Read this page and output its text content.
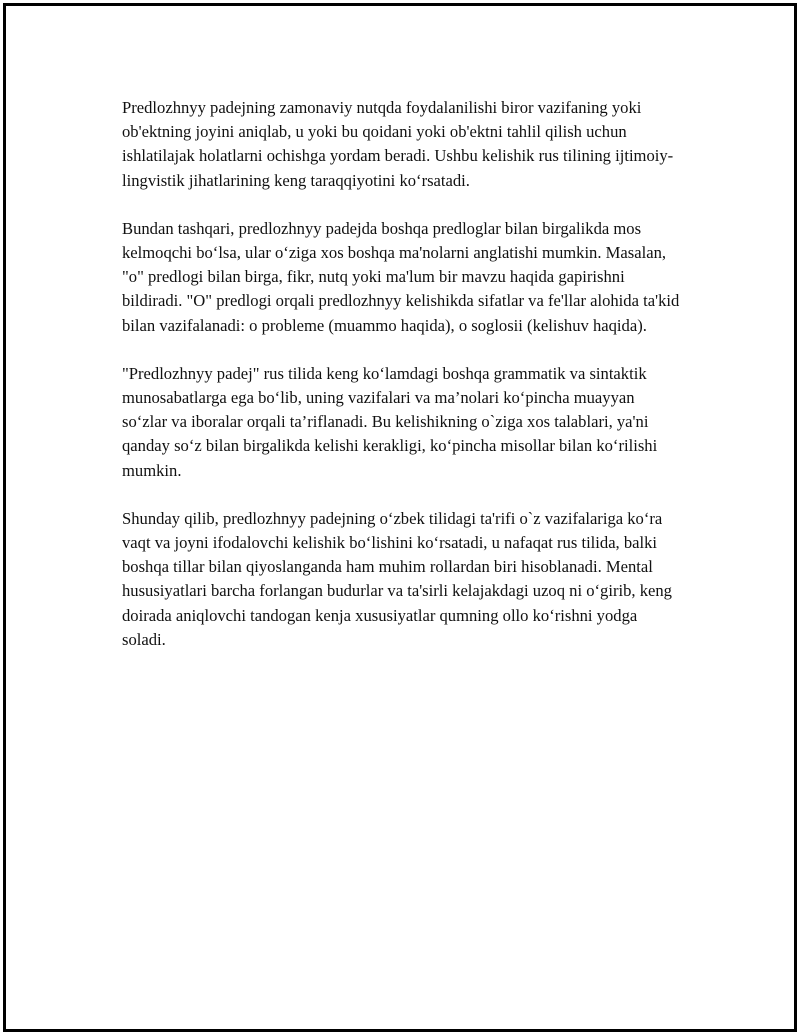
Predlozhnyy padejning zamonaviy nutqda foydalanilishi biror vazifaning yoki ob'ektning joyini aniqlab, u yoki bu qoidani yoki ob'ektni tahlil qilish uchun ishlatilajak holatlarni ochishga yordam beradi. Ushbu kelishik rus tilining ijtimoiy-lingvistik jihatlarining keng taraqqiyotini ko‘rsatadi.

Bundan tashqari, predlozhnyy padejda boshqa predloglar bilan birgalikda mos kelmoqchi bo‘lsa, ular o‘ziga xos boshqa ma'nolarni anglatishi mumkin. Masalan, "o" predlogi bilan birga, fikr, nutq yoki ma'lum bir mavzu haqida gapirishni bildiradi. "O" predlogi orqali predlozhnyy kelishikda sifatlar va fe'llar alohida ta'kid bilan vazifalanadi: o probleme (muammo haqida), o soglosii (kelishuv haqida).

"Predlozhnyy padej" rus tilida keng ko‘lamdagi boshqa grammatik va sintaktik munosabatlarga ega bo‘lib, uning vazifalari va ma’nolari ko‘pincha muayyan so‘zlar va iboralar orqali ta’riflanadi. Bu kelishikning o`ziga xos talablari, ya'ni qanday so‘z bilan birgalikda kelishi kerakligi, ko‘pincha misollar bilan ko‘rilishi mumkin.

Shunday qilib, predlozhnyy padejning o‘zbek tilidagi ta'rifi o`z vazifalariga ko‘ra vaqt va joyni ifodalovchi kelishik bo‘lishini ko‘rsatadi, u nafaqat rus tilida, balki boshqa tillar bilan qiyoslanganda ham muhim rollardan biri hisoblanadi. Mental hususiyatlari barcha forlangan budurlar va ta'sirli kelajakdagi uzoq ni o‘girib, keng doirada aniqlovchi tandogan kenja xususiyatlar qumning ollo ko‘rishni yodga soladi.
